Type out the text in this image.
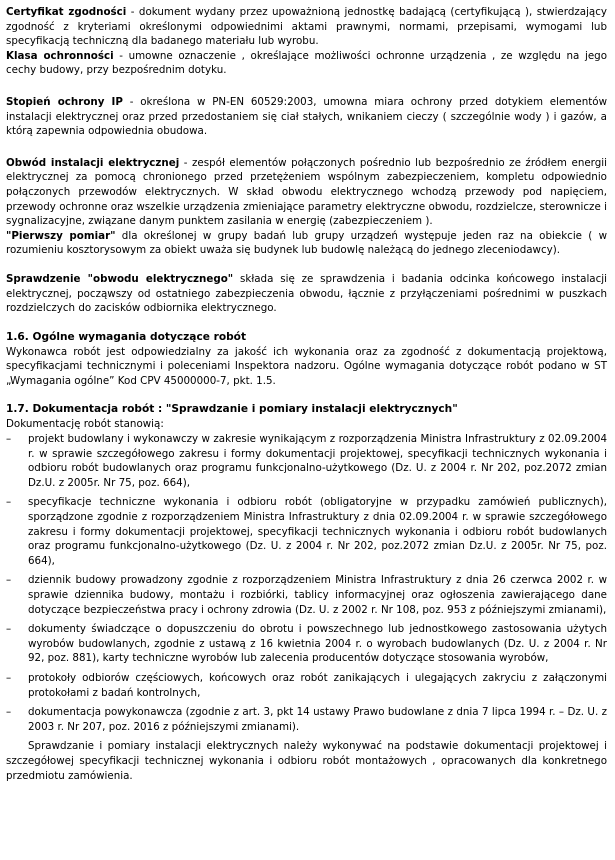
Certyfikat zgodności - dokument wydany przez upoważnioną jednostkę badającą (certyfikującą ), stwierdzający zgodność z kryteriami określonymi odpowiednimi aktami prawnymi, normami, przepisami, wymogami lub specyfikacją techniczną dla badanego materiału lub wyrobu.

Klasa ochronności - umowne oznaczenie , określające możliwości ochronne urządzenia , ze względu na jego cechy budowy, przy bezpośrednim dotyku.

Stopień ochrony IP - określona w PN-EN 60529:2003, umowna miara ochrony przed dotykiem elementów instalacji elektrycznej oraz przed przedostaniem się ciał stałych, wnikaniem cieczy ( szczególnie wody ) i gazów, a którą zapewnia odpowiednia obudowa.

Obwód instalacji elektrycznej - zespół elementów połączonych pośrednio lub bezpośrednio ze źródłem energii elektrycznej za pomocą chronionego przed przetężeniem wspólnym zabezpieczeniem, kompletu odpowiednio połączonych przewodów elektrycznych. W skład obwodu elektrycznego wchodzą przewody pod napięciem, przewody ochronne oraz wszelkie urządzenia zmieniające parametry elektryczne obwodu, rozdzielcze, sterownicze i sygnalizacyjne, związane danym punktem zasilania w energię (zabezpieczeniem ).

"Pierwszy pomiar" dla określonej w grupy badań lub grupy urządzeń występuje jeden raz na obiekcie ( w rozumieniu kosztorysowym za obiekt uważa się budynek lub budowlę należącą do jednego zleceniodawcy).

Sprawdzenie "obwodu elektrycznego" składa się ze sprawdzenia i badania odcinka końcowego instalacji elektrycznej, począwszy od ostatniego zabezpieczenia obwodu, łącznie z przyłączeniami pośrednimi w puszkach rozdzielczych do zacisków odbiornika elektrycznego.

1.6. Ogólne wymagania dotyczące robót

Wykonawca robót jest odpowiedzialny za jakość ich wykonania oraz za zgodność z dokumentacją projektową, specyfikacjami technicznymi i poleceniami Inspektora nadzoru. Ogólne wymagania dotyczące robót podano w ST „Wymagania ogólne” Kod CPV 45000000-7, pkt. 1.5.

1.7. Dokumentacja robót : "Sprawdzanie i pomiary instalacji elektrycznych"

Dokumentację robót stanowią:

– projekt budowlany i wykonawczy w zakresie wynikającym z rozporządzenia Ministra Infrastruktury z 02.09.2004 r. w sprawie szczegółowego zakresu i formy dokumentacji projektowej, specyfikacji technicznych wykonania i odbioru robót budowlanych oraz programu funkcjonalno-użytkowego (Dz. U. z 2004 r. Nr 202, poz.2072 zmian Dz.U. z 2005r. Nr 75, poz. 664),
– specyfikacje techniczne wykonania i odbioru robót (obligatoryjne w przypadku zamówień publicznych), sporządzone zgodnie z rozporządzeniem Ministra Infrastruktury z dnia 02.09.2004 r. w sprawie szczegółowego zakresu i formy dokumentacji projektowej, specyfikacji technicznych wykonania i odbioru robót budowlanych oraz programu funkcjonalno-użytkowego (Dz. U. z 2004 r. Nr 202, poz.2072 zmian Dz.U. z 2005r. Nr 75, poz. 664),
– dziennik budowy prowadzony zgodnie z rozporządzeniem Ministra Infrastruktury z dnia 26 czerwca 2002 r. w sprawie dziennika budowy, montażu i rozbiórki, tablicy informacyjnej oraz ogłoszenia zawierającego dane dotyczące bezpieczeństwa pracy i ochrony zdrowia (Dz. U. z 2002 r. Nr 108, poz. 953 z późniejszymi zmianami),
– dokumenty świadczące o dopuszczeniu do obrotu i powszechnego lub jednostkowego zastosowania użytych wyrobów budowlanych, zgodnie z ustawą z 16 kwietnia 2004 r. o wyrobach budowlanych (Dz. U. z 2004 r. Nr 92, poz. 881), karty techniczne wyrobów lub zalecenia producentów dotyczące stosowania wyrobów,
– protokoły odbiorów częściowych, końcowych oraz robót zanikających i ulegających zakryciu z załączonymi protokołami z badań kontrolnych,
– dokumentacja powykonawcza (zgodnie z art. 3, pkt 14 ustawy Prawo budowlane z dnia 7 lipca 1994 r. – Dz. U. z 2003 r. Nr 207, poz. 2016 z późniejszymi zmianami).

Sprawdzanie i pomiary instalacji elektrycznych należy wykonywać na podstawie dokumentacji projektowej i szczegółowej specyfikacji technicznej wykonania i odbioru robót montażowych , opracowanych dla konkretnego przedmiotu zamówienia.
